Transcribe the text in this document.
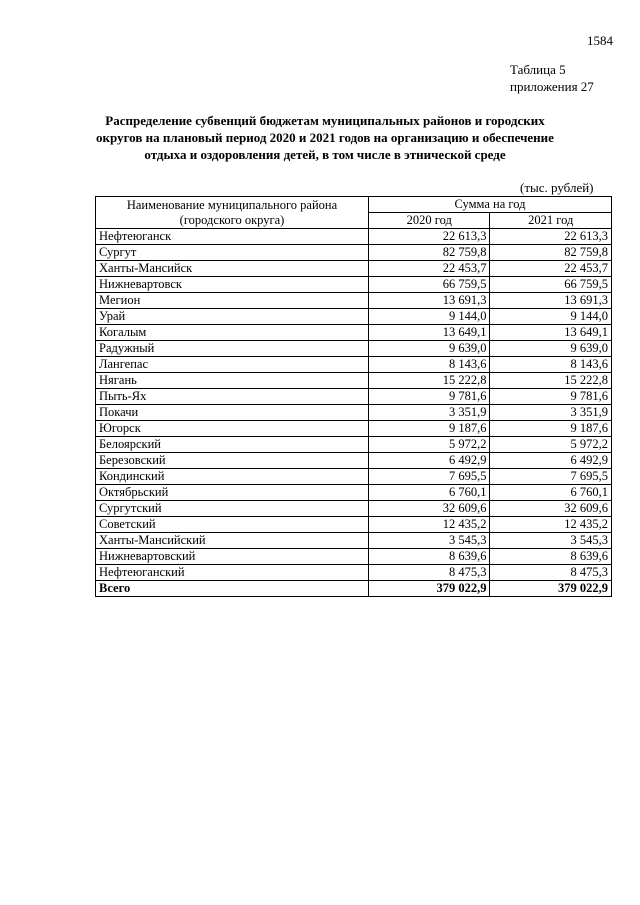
1584
Таблица 5
приложения 27
Распределение субвенций бюджетам муниципальных районов и городских округов на плановый период 2020 и 2021 годов на организацию и обеспечение отдыха и оздоровления детей, в том числе в этнической среде
(тыс. рублей)
Наименование муниципального района
(городского округа)	Сумма на год	
	2020 год	2021 год
Нефтеюганск	22 613,3	22 613,3
Сургут	82 759,8	82 759,8
Ханты-Мансийск	22 453,7	22 453,7
Нижневартовск	66 759,5	66 759,5
Мегион	13 691,3	13 691,3
Урай	9 144,0	9 144,0
Когалым	13 649,1	13 649,1
Радужный	9 639,0	9 639,0
Лангепас	8 143,6	8 143,6
Нягань	15 222,8	15 222,8
Пыть-Ях	9 781,6	9 781,6
Покачи	3 351,9	3 351,9
Югорск	9 187,6	9 187,6
Белоярский	5 972,2	5 972,2
Березовский	6 492,9	6 492,9
Кондинский	7 695,5	7 695,5
Октябрьский	6 760,1	6 760,1
Сургутский	32 609,6	32 609,6
Советский	12 435,2	12 435,2
Ханты-Мансийский	3 545,3	3 545,3
Нижневартовский	8 639,6	8 639,6
Нефтеюганский	8 475,3	8 475,3
Всего	379 022,9	379 022,9
